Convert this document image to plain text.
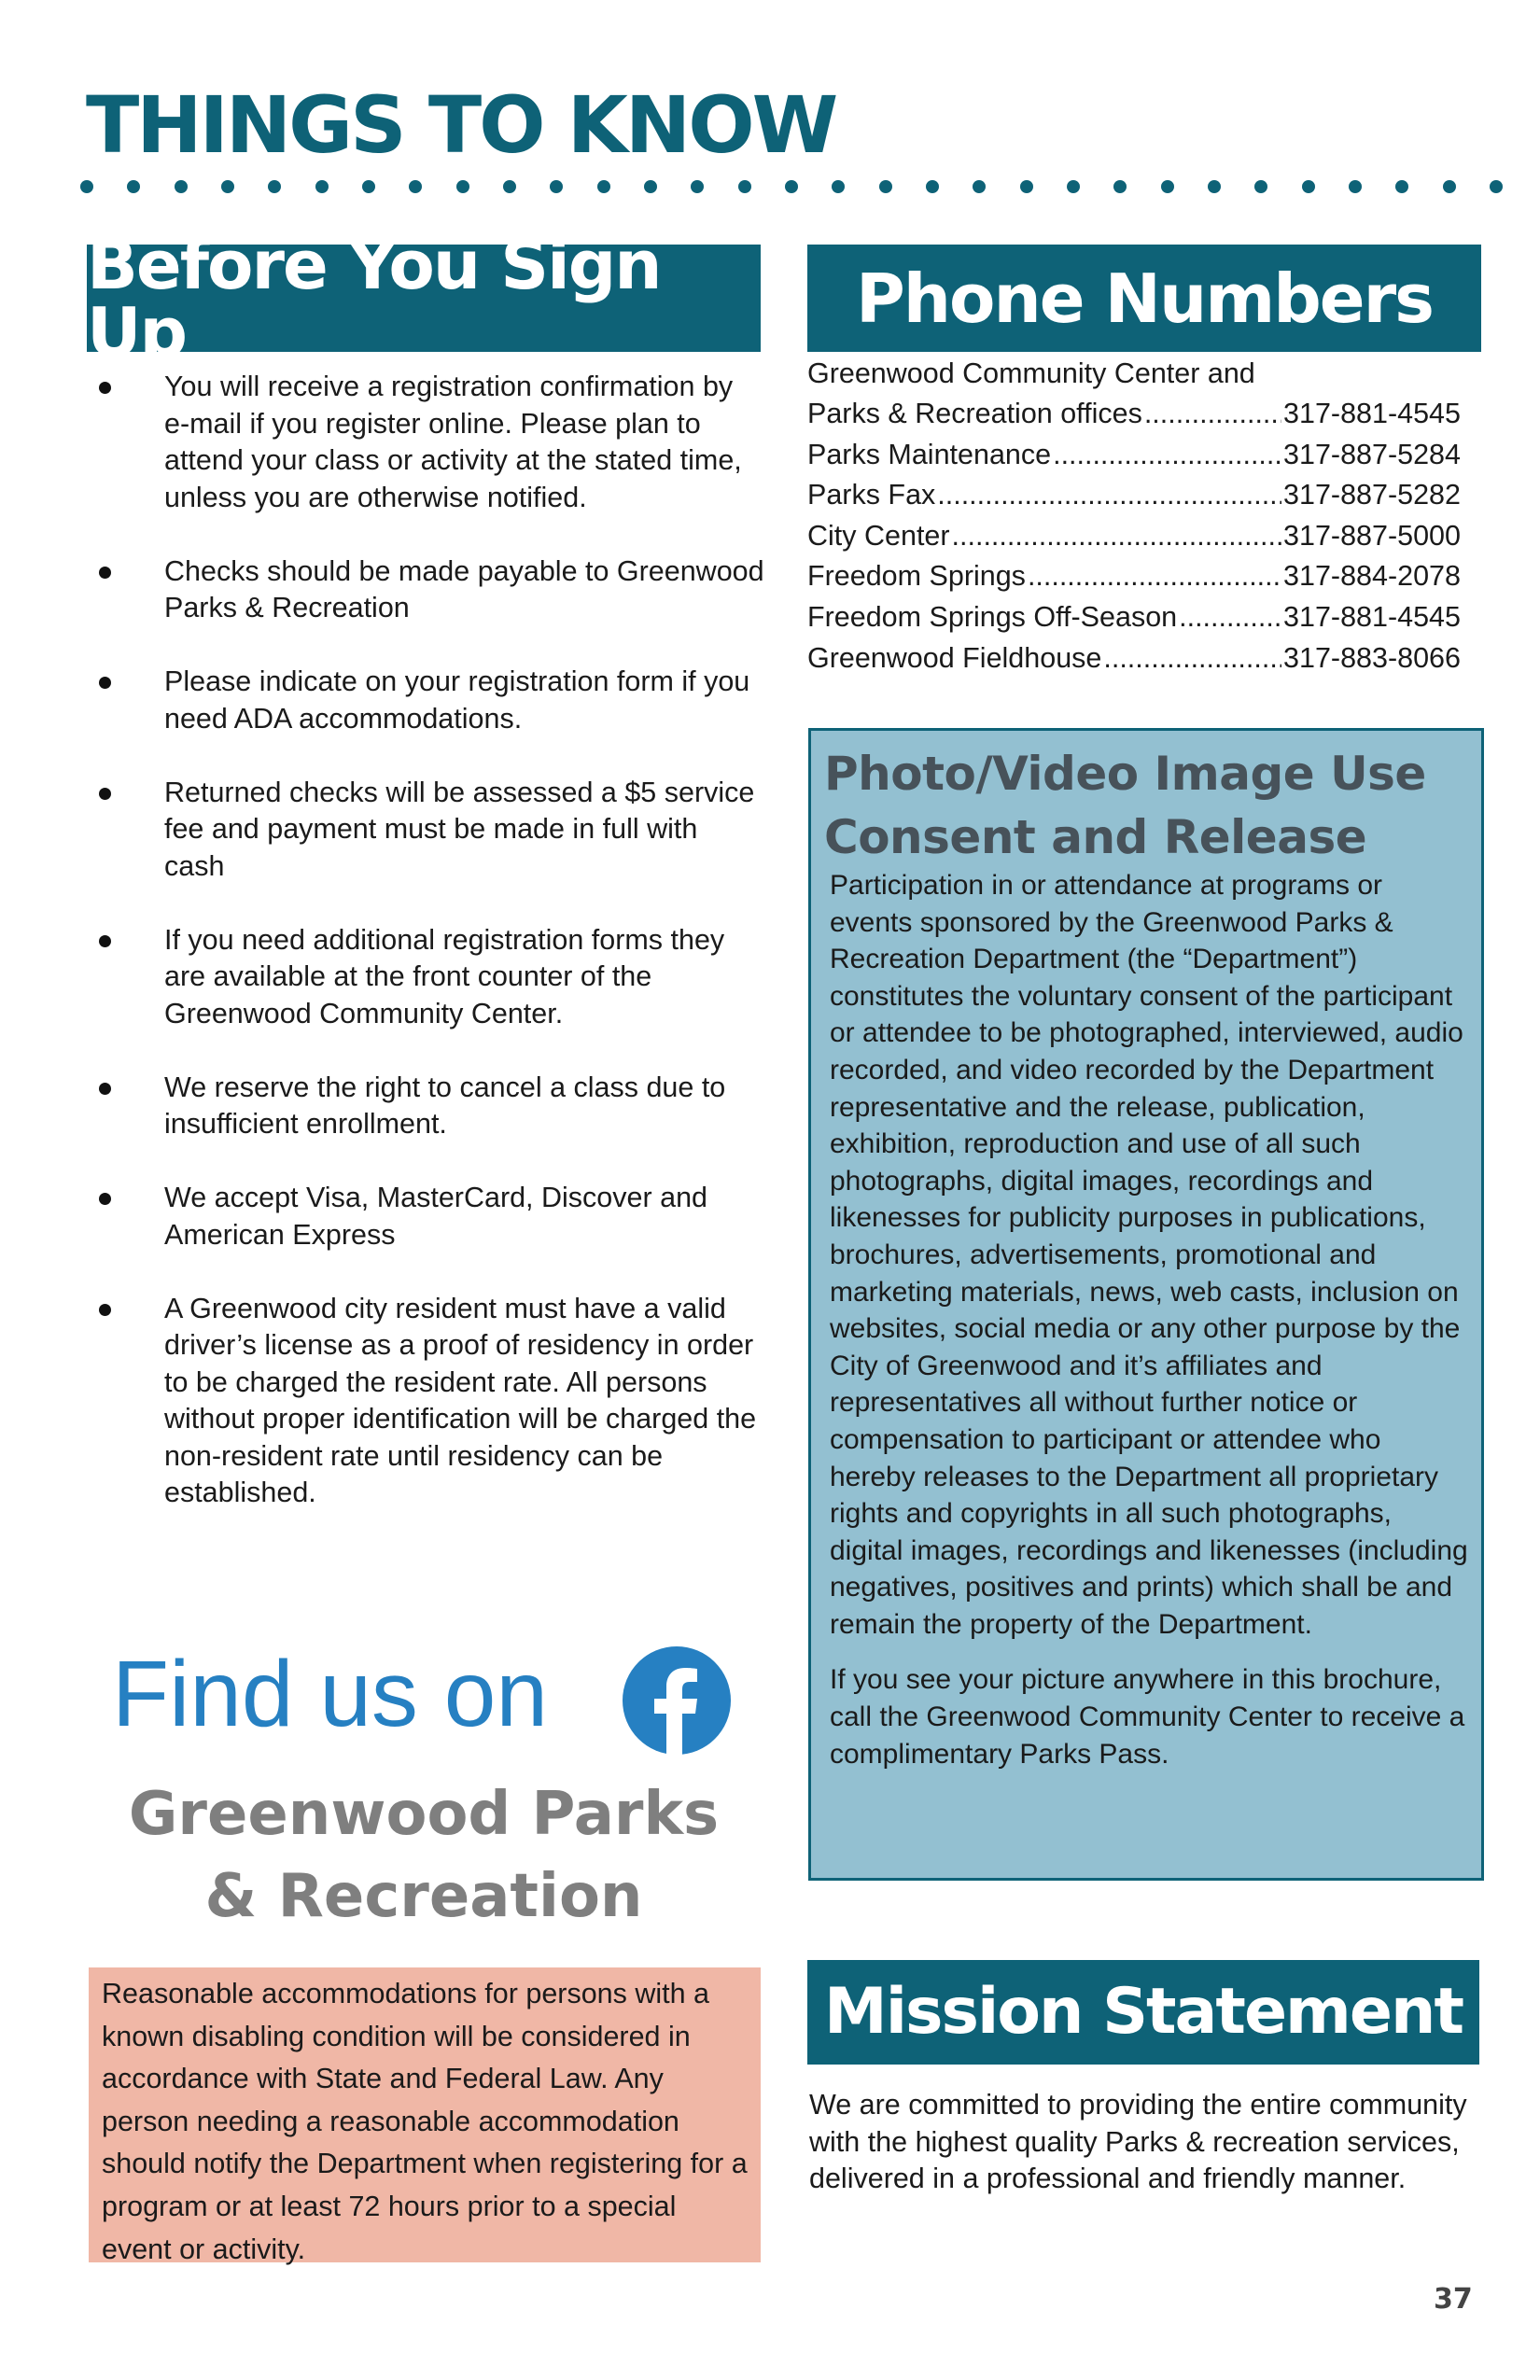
THINGS TO KNOW
Before You Sign Up
You will receive a registration confirmation by e-mail if you register online. Please plan to attend your class or activity at the stated time, unless you are otherwise notified.
Checks should be made payable to Greenwood Parks & Recreation
Please indicate on your registration form if you need ADA accommodations.
Returned checks will be assessed a $5 service fee and payment must be made in full with cash
If you need additional registration forms they are available at the front counter of the Greenwood Community Center.
We reserve the right to cancel a class due to insufficient enrollment.
We accept Visa, MasterCard, Discover and American Express
A Greenwood city resident must have a valid driver’s license as a proof of residency in order to be charged the resident rate. All persons without proper identification will be charged the non-resident rate until residency can be established.
Find us on
Greenwood Parks
& Recreation
Reasonable accommodations for persons with a known disabling condition will be considered in accordance with State and Federal Law. Any person needing a reasonable accommodation should notify the Department when registering for a program or at least 72 hours prior to a special event or activity.
Phone Numbers
Greenwood Community Center and
Parks & Recreation offices .....	317-881-4545
Parks Maintenance .....	317-887-5284
Parks Fax .....	317-887-5282
City Center .....	317-887-5000
Freedom Springs .....	317-884-2078
Freedom Springs Off-Season .....	317-881-4545
Greenwood Fieldhouse .....	317-883-8066
Photo/Video Image Use Consent and Release
Participation in or attendance at programs or events sponsored by the Greenwood Parks & Recreation Department (the “Department”) constitutes the voluntary consent of the participant or attendee to be photographed, interviewed, audio recorded, and video recorded by the Department representative and the release, publication, exhibition, reproduction and use of all such photographs, digital images, recordings and likenesses for publicity purposes in publications, brochures, advertisements, promotional and marketing materials, news, web casts, inclusion on websites, social media or any other purpose by the City of Greenwood and it’s affiliates and representatives all without further notice or compensation to participant or attendee who hereby releases to the Department all proprietary rights and copyrights in all such photographs, digital images, recordings and likenesses (including negatives, positives and prints) which shall be and remain the property of the Department.
If you see your picture anywhere in this brochure, call the Greenwood Community Center to receive a complimentary Parks Pass.
Mission Statement
We are committed to providing the entire community with the highest quality Parks & recreation services, delivered in a professional and friendly manner.
37
